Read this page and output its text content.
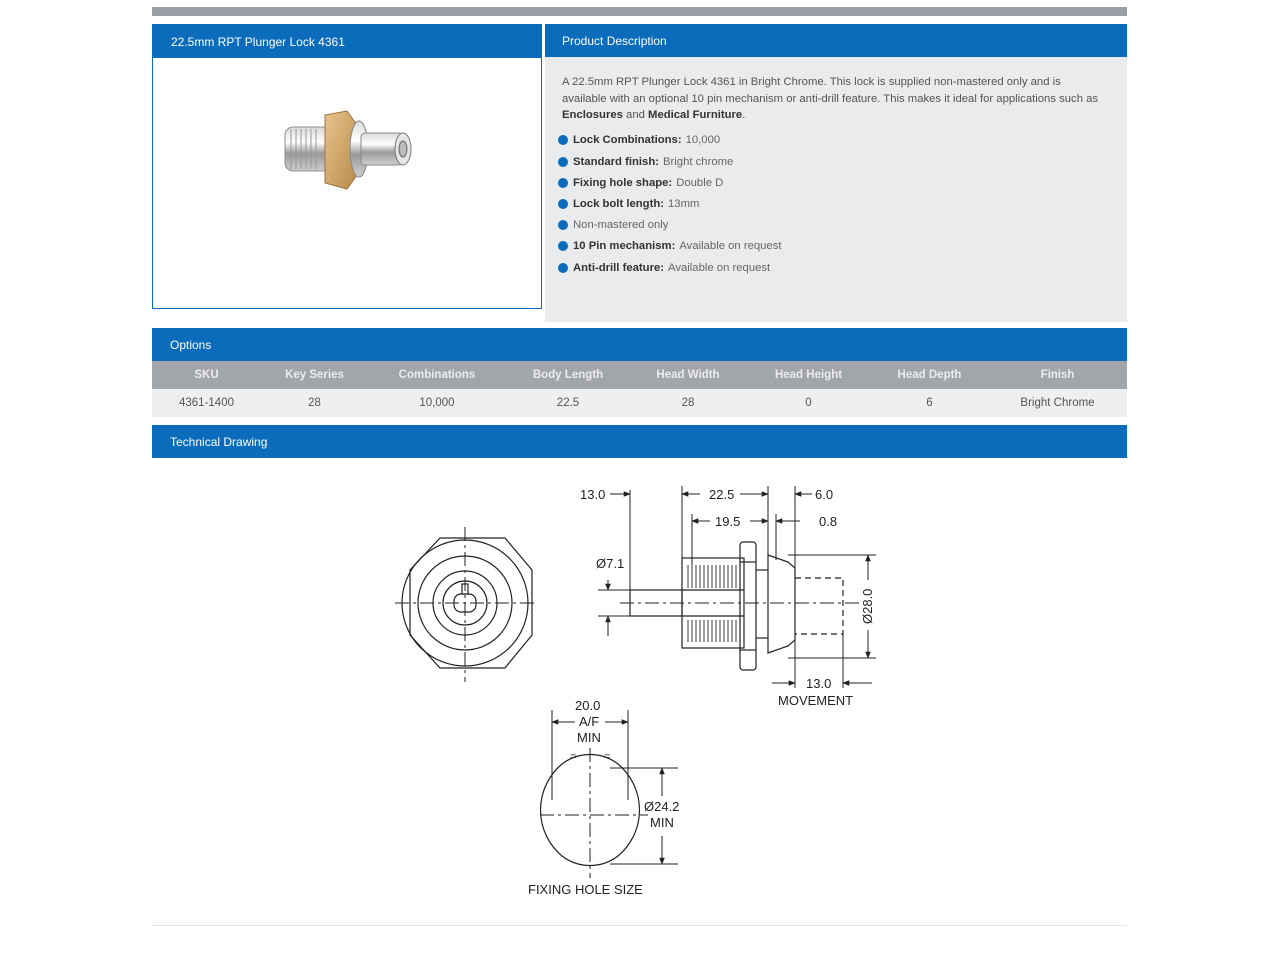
22.5mm RPT Plunger Lock 4361	Product Description
A 22.5mm RPT Plunger Lock 4361 in Bright Chrome. This lock is supplied non-mastered only and is available with an optional 10 pin mechanism or anti-drill feature. This makes it ideal for applications such as Enclosures and Medical Furniture.
Lock Combinations: 10,000
Standard finish: Bright chrome
Fixing hole shape: Double D
Lock bolt length: 13mm
Non-mastered only
10 Pin mechanism: Available on request
Anti-drill feature: Available on request
Options
SKU	Key Series	Combinations	Body Length	Head Width	Head Height	Head Depth	Finish
4361-1400	28	10,000	22.5	28	0	6	Bright Chrome
Technical Drawing
13.0	22.5	6.0
19.5	0.8
Ø7.1
Ø28.0
13.0
MOVEMENT
20.0
A/F
MIN
=	=
Ø24.2
MIN
FIXING HOLE SIZE
